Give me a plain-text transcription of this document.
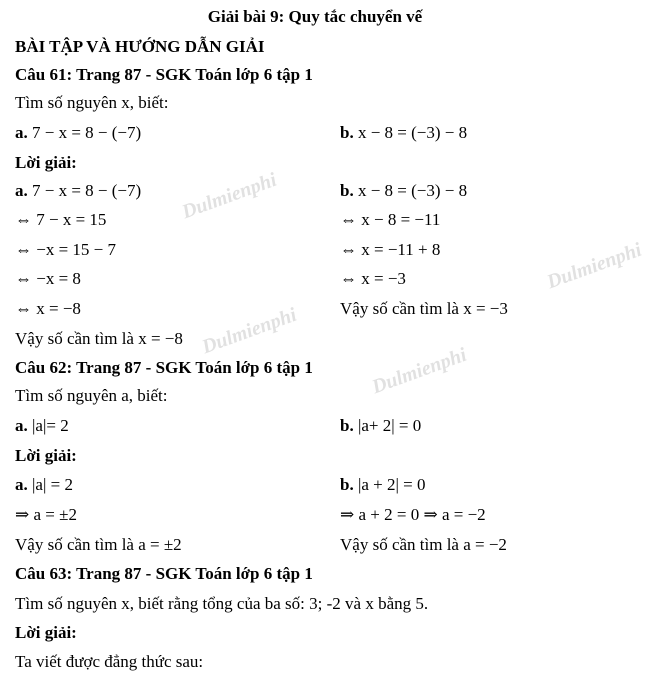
Giải bài 9: Quy tắc chuyển vế
BÀI TẬP VÀ HƯỚNG DẪN GIẢI
Câu 61: Trang 87 - SGK Toán lớp 6 tập 1
Tìm số nguyên x, biết:
a. 7 − x = 8 − (−7)	b. x − 8 = (−3) − 8
Lời giải:
a. 7 − x = 8 − (−7)
⇔ 7 − x = 15
⇔ −x = 15 − 7
⇔ −x = 8
⇔ x = −8
b. x − 8 = (−3) − 8
⇔ x − 8 = −11
⇔ x = −11 + 8
⇔ x = −3
Vậy số cần tìm là x = −3
Vậy số cần tìm là x = −8
Câu 62: Trang 87 - SGK Toán lớp 6 tập 1
Tìm số nguyên a, biết:
a. |a|= 2	b. |a+ 2| = 0
Lời giải:
a. |a| = 2
⇒ a = ±2
Vậy số cần tìm là a = ±2
b. |a + 2| = 0
⇒ a + 2 = 0 ⇒ a = −2
Vậy số cần tìm là a = −2
Câu 63: Trang 87 - SGK Toán lớp 6 tập 1
Tìm số nguyên x, biết rằng tổng của ba số: 3; -2 và x bằng 5.
Lời giải:
Ta viết được đẳng thức sau:
Dulmienphi
Dulmienphi
Dulmienphi
Dulmienphi
